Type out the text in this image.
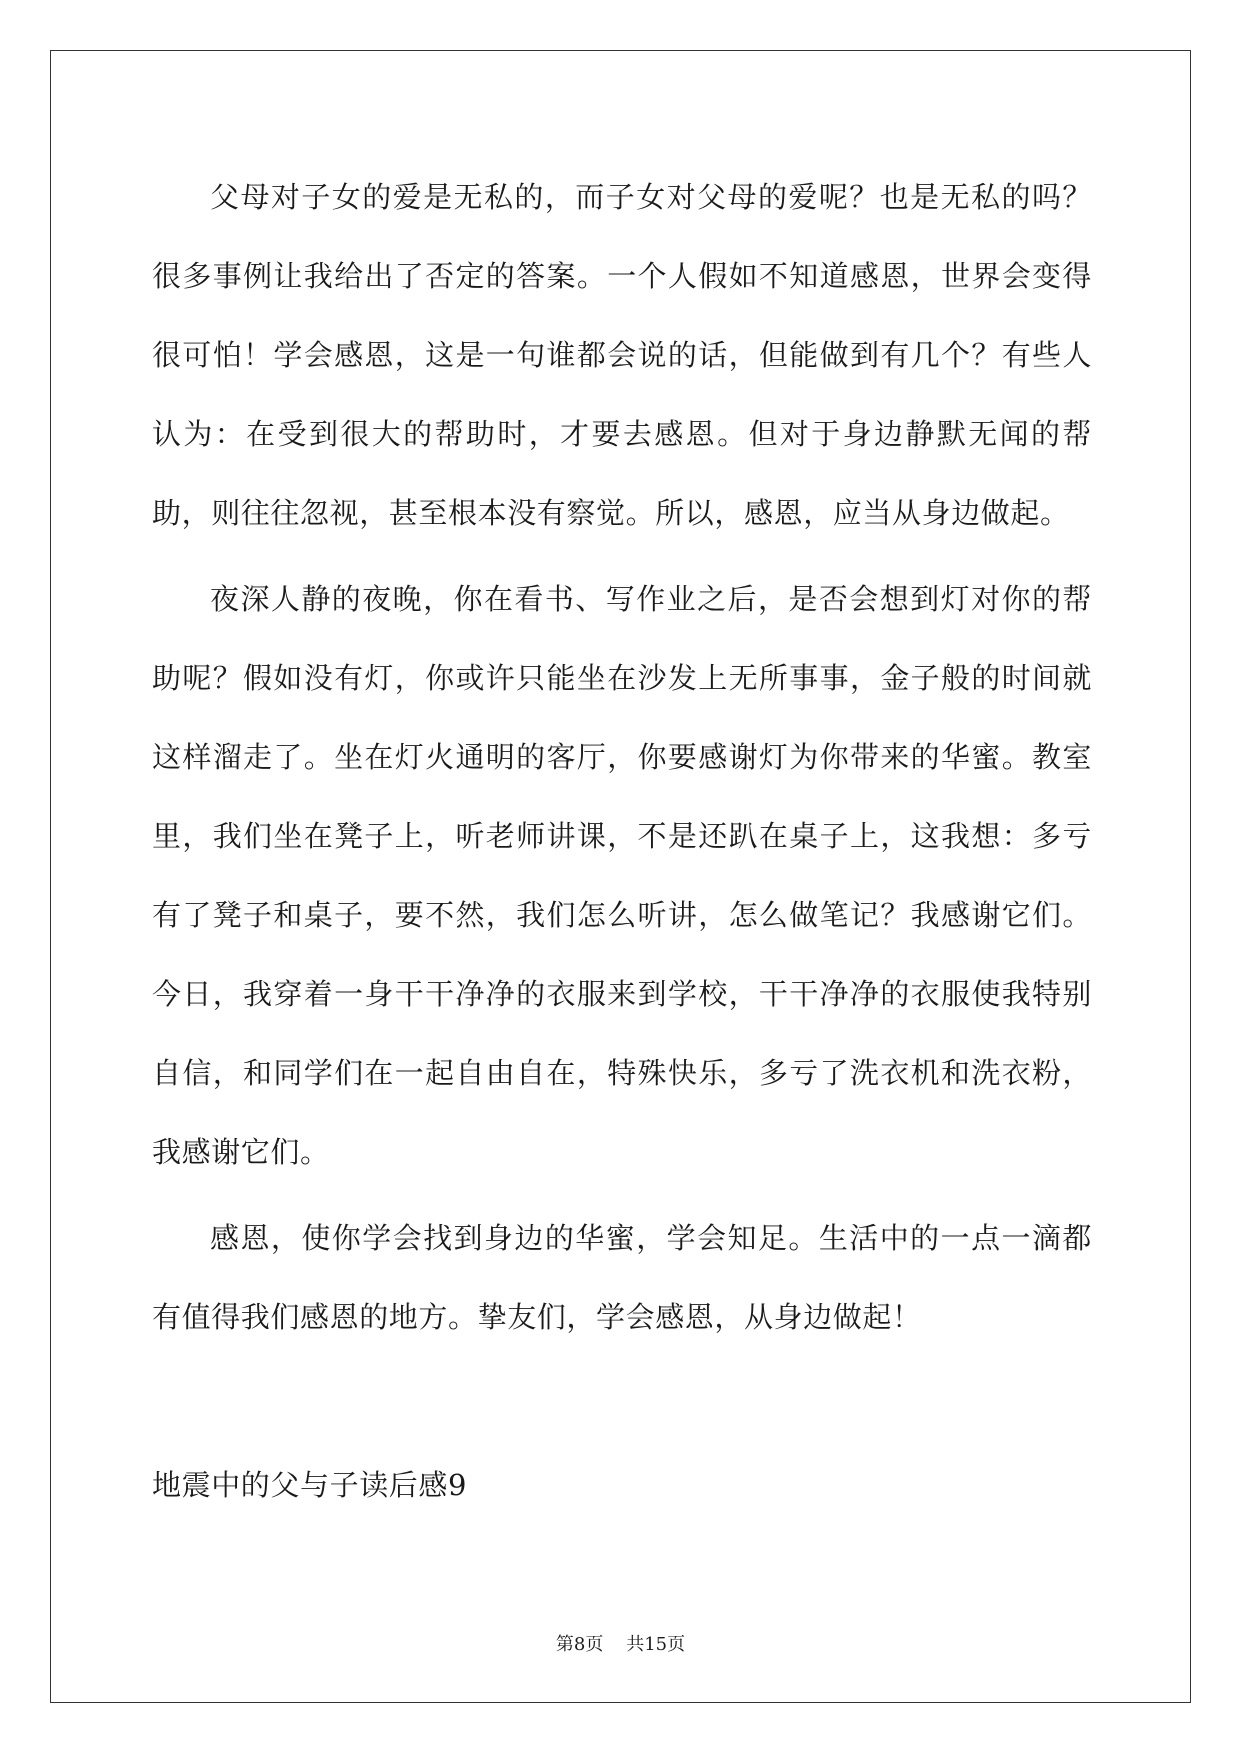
父母对子女的爱是无私的，而子女对父母的爱呢？也是无私的吗？很多事例让我给出了否定的答案。一个人假如不知道感恩，世界会变得很可怕！学会感恩，这是一句谁都会说的话，但能做到有几个？有些人认为：在受到很大的帮助时，才要去感恩。但对于身边静默无闻的帮助，则往往忽视，甚至根本没有察觉。所以，感恩，应当从身边做起。

夜深人静的夜晚，你在看书、写作业之后，是否会想到灯对你的帮助呢？假如没有灯，你或许只能坐在沙发上无所事事，金子般的时间就这样溜走了。坐在灯火通明的客厅，你要感谢灯为你带来的华蜜。教室里，我们坐在凳子上，听老师讲课，不是还趴在桌子上，这我想：多亏有了凳子和桌子，要不然，我们怎么听讲，怎么做笔记？我感谢它们。今日，我穿着一身干干净净的衣服来到学校，干干净净的衣服使我特别自信，和同学们在一起自由自在，特殊快乐，多亏了洗衣机和洗衣粉，我感谢它们。

感恩，使你学会找到身边的华蜜，学会知足。生活中的一点一滴都有值得我们感恩的地方。挚友们，学会感恩，从身边做起！

地震中的父与子读后感9
第8页 共15页
